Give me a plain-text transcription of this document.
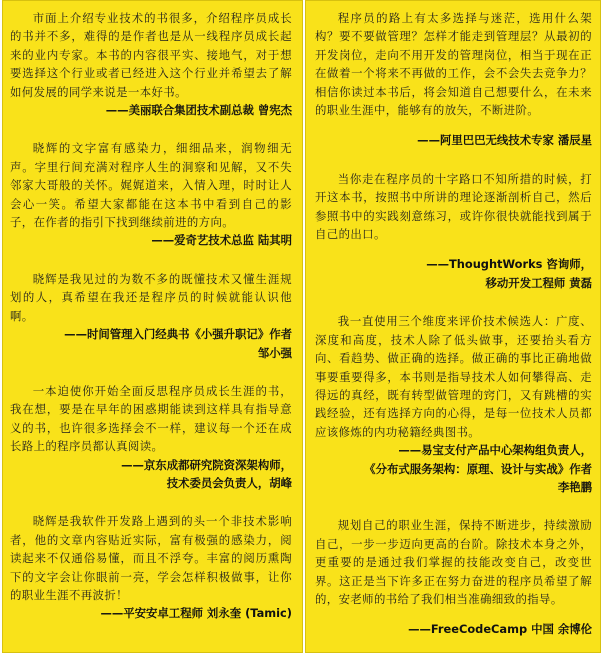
市面上介绍专业技术的书很多，介绍程序员成长的书并不多，难得的是作者也是从一线程序员成长起来的业内专家。本书的内容很平实、接地气，对于想要选择这个行业或者已经进入这个行业并希望去了解如何发展的同学来说是一本好书。

——美丽联合集团技术副总裁 曾宪杰

晓辉的文字富有感染力，细细品来，润物细无声。字里行间充满对程序人生的洞察和见解，又不失邻家大哥般的关怀。娓娓道来，入情入理，时时让人会心一笑。希望大家都能在这本书中看到自己的影子，在作者的指引下找到继续前进的方向。

——爱奇艺技术总监 陆其明

晓辉是我见过的为数不多的既懂技术又懂生涯规划的人，真希望在我还是程序员的时候就能认识他啊。

——时间管理入门经典书《小强升职记》作者

邹小强

一本迫使你开始全面反思程序员成长生涯的书，我在想，要是在早年的困惑期能读到这样具有指导意义的书，也许很多选择会不一样，建议每一个还在成长路上的程序员都认真阅读。

——京东成都研究院资深架构师，

技术委员会负责人，胡峰

晓辉是我软件开发路上遇到的头一个非技术影响者，他的文章内容贴近实际，富有极强的感染力，阅读起来不仅通俗易懂，而且不浮夸。丰富的阅历熏陶下的文字会让你眼前一亮，学会怎样积极做事，让你的职业生涯不再波折！

——平安安卓工程师 刘永奎 (Tamic)

程序员的路上有太多选择与迷茫，选用什么架构？要不要做管理？怎样才能走到管理层？从最初的开发岗位，走向不用开发的管理岗位，相当于现在正在做着一个将来不再做的工作，会不会失去竞争力？相信你读过本书后，将会知道自己想要什么，在未来的职业生涯中，能够有的放矢，不断进阶。

——阿里巴巴无线技术专家 潘辰星

当你走在程序员的十字路口不知所措的时候，打开这本书，按照书中所讲的理论逐渐剖析自己，然后参照书中的实践刻意练习，或许你很快就能找到属于自己的出口。

——ThoughtWorks 咨询师，

移动开发工程师 黄磊

我一直使用三个维度来评价技术候选人：广度、深度和高度，技术人除了低头做事，还要抬头看方向、看趋势、做正确的选择。做正确的事比正确地做事要重要得多，本书则是指导技术人如何攀得高、走得远的真经，既有转型做管理的窍门，又有跳槽的实践经验，还有选择方向的心得，是每一位技术人员都应该修炼的内功秘籍经典图书。

——易宝支付产品中心架构组负责人，

《分布式服务架构：原理、设计与实战》作者

李艳鹏

规划自己的职业生涯，保持不断进步，持续激励自己，一步一步迈向更高的台阶。除技术本身之外，更重要的是通过我们掌握的技能改变自己，改变世界。这正是当下许多正在努力奋进的程序员希望了解的，安老师的书给了我们相当准确细致的指导。

——FreeCodeCamp 中国 余博伦
